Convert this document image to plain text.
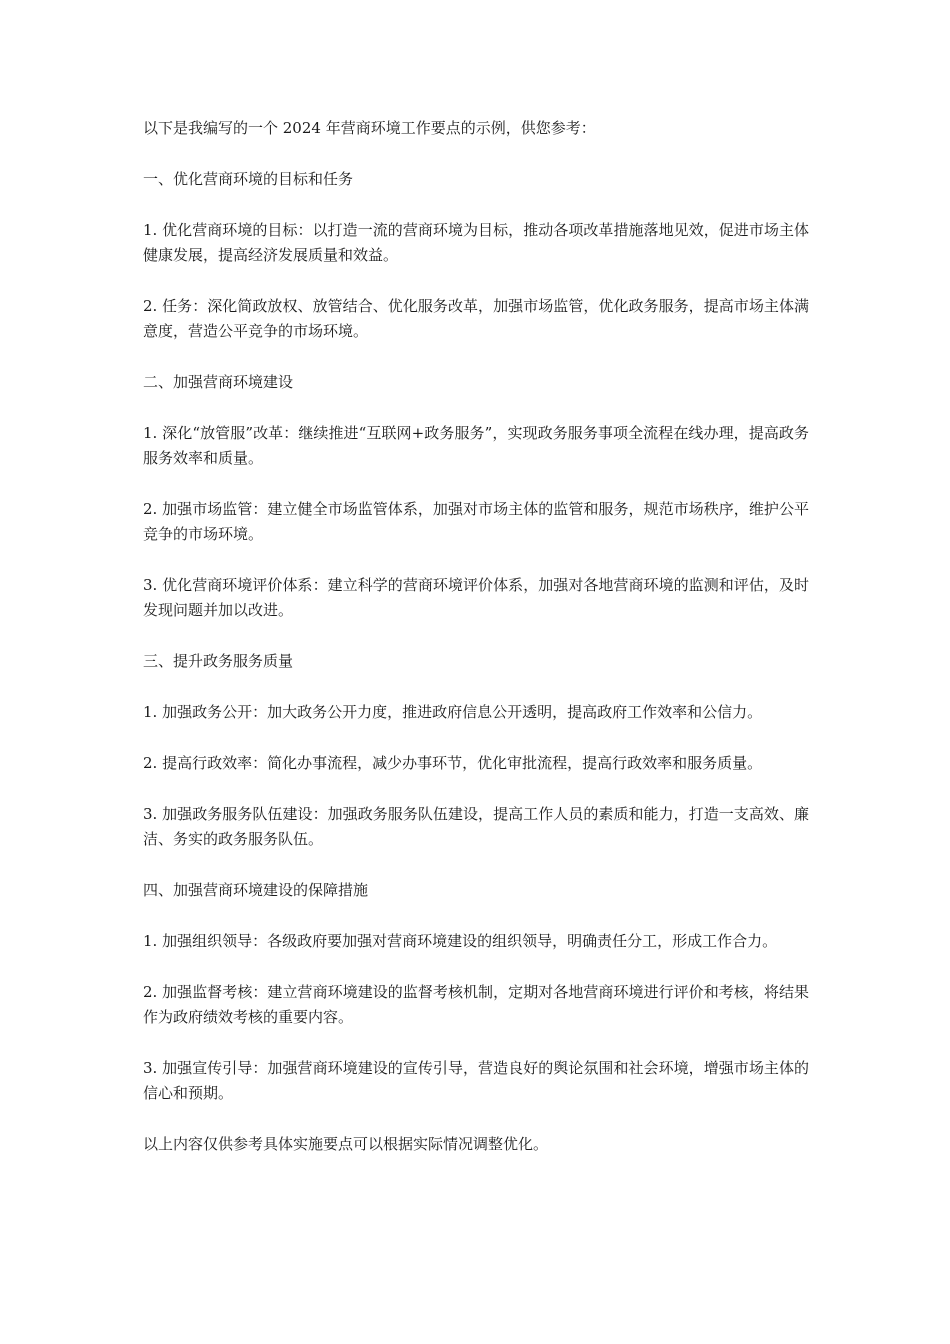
以下是我编写的一个 2024 年营商环境工作要点的示例，供您参考：

一、优化营商环境的目标和任务

1. 优化营商环境的目标：以打造一流的营商环境为目标，推动各项改革措施落地见效，促进市场主体健康发展，提高经济发展质量和效益。

2. 任务：深化简政放权、放管结合、优化服务改革，加强市场监管，优化政务服务，提高市场主体满意度，营造公平竞争的市场环境。

二、加强营商环境建设

1. 深化“放管服”改革：继续推进“互联网+政务服务”，实现政务服务事项全流程在线办理，提高政务服务效率和质量。

2. 加强市场监管：建立健全市场监管体系，加强对市场主体的监管和服务，规范市场秩序，维护公平竞争的市场环境。

3. 优化营商环境评价体系：建立科学的营商环境评价体系，加强对各地营商环境的监测和评估，及时发现问题并加以改进。

三、提升政务服务质量

1. 加强政务公开：加大政务公开力度，推进政府信息公开透明，提高政府工作效率和公信力。

2. 提高行政效率：简化办事流程，减少办事环节，优化审批流程，提高行政效率和服务质量。

3. 加强政务服务队伍建设：加强政务服务队伍建设，提高工作人员的素质和能力，打造一支高效、廉洁、务实的政务服务队伍。

四、加强营商环境建设的保障措施

1. 加强组织领导：各级政府要加强对营商环境建设的组织领导，明确责任分工，形成工作合力。

2. 加强监督考核：建立营商环境建设的监督考核机制，定期对各地营商环境进行评价和考核，将结果作为政府绩效考核的重要内容。

3. 加强宣传引导：加强营商环境建设的宣传引导，营造良好的舆论氛围和社会环境，增强市场主体的信心和预期。

以上内容仅供参考具体实施要点可以根据实际情况调整优化。
